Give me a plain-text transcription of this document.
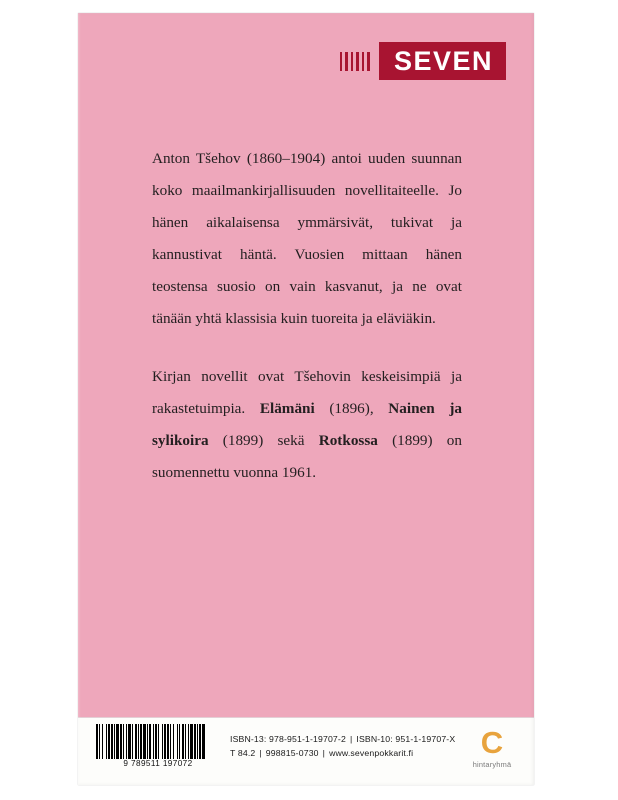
SEVEN

Anton Tšehov (1860–1904) antoi uuden suunnan koko maailmankirjallisuuden novellitaiteelle. Jo hänen aikalaisensa ymmärsivät, tukivat ja kannustivat häntä. Vuosien mittaan hänen teostensa suosio on vain kasvanut, ja ne ovat tänään yhtä klassisia kuin tuoreita ja eläviäkin.

Kirjan novellit ovat Tšehovin keskeisimpiä ja rakastetuimpia. Elämäni (1896), Nainen ja sylikoira (1899) sekä Rotkossa (1899) on suomennettu vuonna 1961.

9 789511 197072
ISBN-13: 978-951-1-19707-2 | ISBN-10: 951-1-19707-X
T 84.2 | 998815-0730 | www.sevenpokkarit.fi	C
hintaryhmä
